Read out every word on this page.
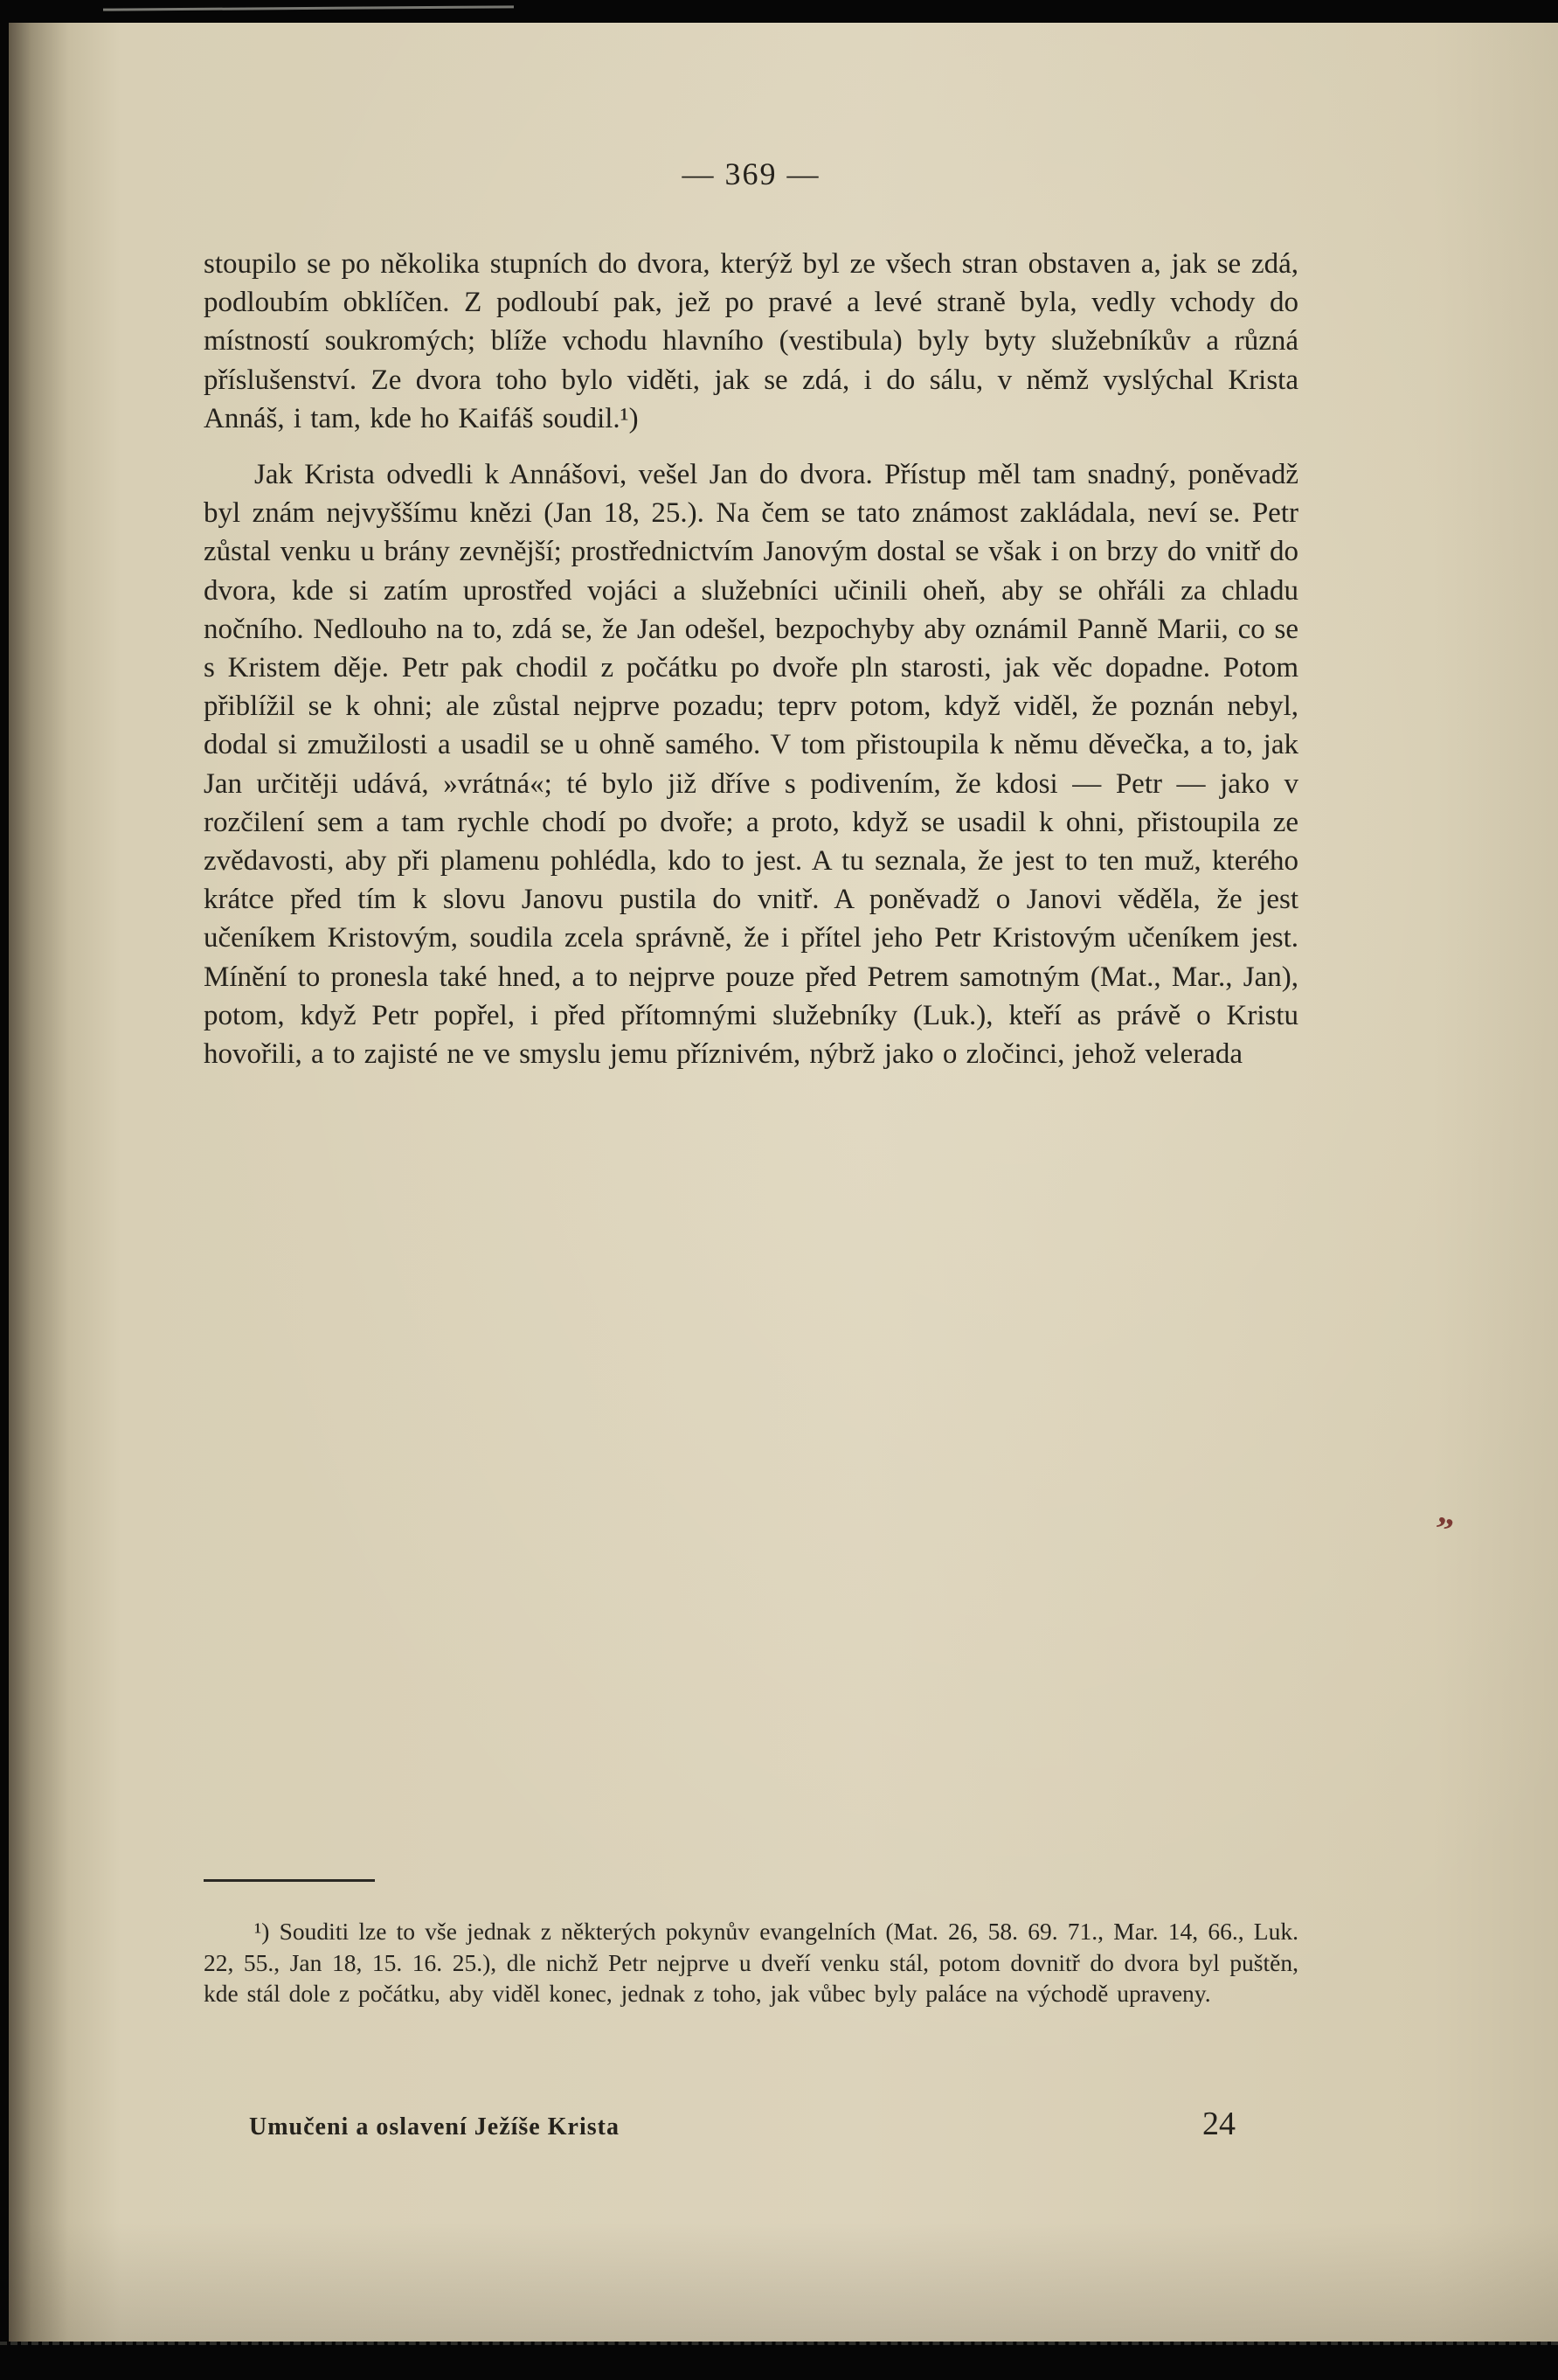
— 369 —

stoupilo se po několika stupních do dvora, kterýž byl ze všech stran obstaven a, jak se zdá, podloubím obklíčen. Z podloubí pak, jež po pravé a levé straně byla, vedly vchody do místností soukromých; blíže vchodu hlavního (vestibula) byly byty služebníkův a různá příslušenství. Ze dvora toho bylo viděti, jak se zdá, i do sálu, v němž vyslýchal Krista Annáš, i tam, kde ho Kaifáš soudil.¹)

Jak Krista odvedli k Annášovi, vešel Jan do dvora. Přístup měl tam snadný, poněvadž byl znám nejvyššímu knězi (Jan 18, 25.). Na čem se tato známost zakládala, neví se. Petr zůstal venku u brány zevnější; prostřednictvím Janovým dostal se však i on brzy do vnitř do dvora, kde si zatím uprostřed vojáci a služebníci učinili oheň, aby se ohřáli za chladu nočního. Nedlouho na to, zdá se, že Jan odešel, bezpochyby aby oznámil Panně Marii, co se s Kristem děje. Petr pak chodil z počátku po dvoře pln starosti, jak věc dopadne. Potom přiblížil se k ohni; ale zůstal nejprve pozadu; teprv potom, když viděl, že poznán nebyl, dodal si zmužilosti a usadil se u ohně samého. V tom přistoupila k němu děvečka, a to, jak Jan určitěji udává, »vrátná«; té bylo již dříve s podivením, že kdosi — Petr — jako v rozčilení sem a tam rychle chodí po dvoře; a proto, když se usadil k ohni, přistoupila ze zvědavosti, aby při plamenu pohlédla, kdo to jest. A tu seznala, že jest to ten muž, kterého krátce před tím k slovu Janovu pustila do vnitř. A poněvadž o Janovi věděla, že jest učeníkem Kristovým, soudila zcela správně, že i přítel jeho Petr Kristovým učeníkem jest. Mínění to pronesla také hned, a to nejprve pouze před Petrem samotným (Mat., Mar., Jan), potom, když Petr popřel, i před přítomnými služebníky (Luk.), kteří as právě o Kristu hovořili, a to zajisté ne ve smyslu jemu příznivém, nýbrž jako o zločinci, jehož velerada

”

¹) Souditi lze to vše jednak z některých pokynův evangelních (Mat. 26, 58. 69. 71., Mar. 14, 66., Luk. 22, 55., Jan 18, 15. 16. 25.), dle nichž Petr nejprve u dveří venku stál, potom dovnitř do dvora byl puštěn, kde stál dole z počátku, aby viděl konec, jednak z toho, jak vůbec byly paláce na východě upraveny.

Umučeni a oslavení Ježíše Krista	24
